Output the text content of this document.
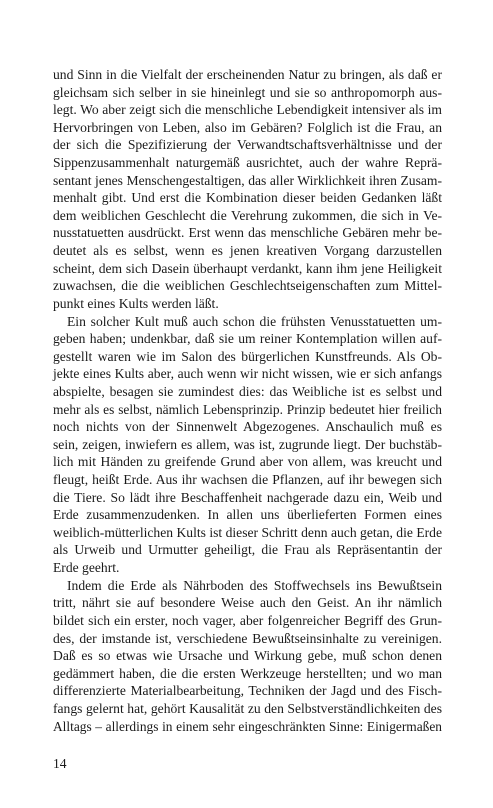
und Sinn in die Vielfalt der erscheinenden Natur zu bringen, als daß er
gleichsam sich selber in sie hineinlegt und sie so anthropomorph aus-
legt. Wo aber zeigt sich die menschliche Lebendigkeit intensiver als im
Hervorbringen von Leben, also im Gebären? Folglich ist die Frau, an
der sich die Spezifizierung der Verwandtschaftsverhältnisse und der
Sippenzusammenhalt naturgemäß ausrichtet, auch der wahre Reprä-
sentant jenes Menschengestaltigen, das aller Wirklichkeit ihren Zusam-
menhalt gibt. Und erst die Kombination dieser beiden Gedanken läßt
dem weiblichen Geschlecht die Verehrung zukommen, die sich in Ve-
nusstatuetten ausdrückt. Erst wenn das menschliche Gebären mehr be-
deutet als es selbst, wenn es jenen kreativen Vorgang darzustellen
scheint, dem sich Dasein überhaupt verdankt, kann ihm jene Heiligkeit
zuwachsen, die die weiblichen Geschlechtseigenschaften zum Mittel-
punkt eines Kults werden läßt.
Ein solcher Kult muß auch schon die frühsten Venusstatuetten um-
geben haben; undenkbar, daß sie um reiner Kontemplation willen auf-
gestellt waren wie im Salon des bürgerlichen Kunstfreunds. Als Ob-
jekte eines Kults aber, auch wenn wir nicht wissen, wie er sich anfangs
abspielte, besagen sie zumindest dies: das Weibliche ist es selbst und
mehr als es selbst, nämlich Lebensprinzip. Prinzip bedeutet hier freilich
noch nichts von der Sinnenwelt Abgezogenes. Anschaulich muß es
sein, zeigen, inwiefern es allem, was ist, zugrunde liegt. Der buchstäb-
lich mit Händen zu greifende Grund aber von allem, was kreucht und
fleugt, heißt Erde. Aus ihr wachsen die Pflanzen, auf ihr bewegen sich
die Tiere. So lädt ihre Beschaffenheit nachgerade dazu ein, Weib und
Erde zusammenzudenken. In allen uns überlieferten Formen eines
weiblich-mütterlichen Kults ist dieser Schritt denn auch getan, die Erde
als Urweib und Urmutter geheiligt, die Frau als Repräsentantin der
Erde geehrt.
Indem die Erde als Nährboden des Stoffwechsels ins Bewußtsein
tritt, nährt sie auf besondere Weise auch den Geist. An ihr nämlich
bildet sich ein erster, noch vager, aber folgenreicher Begriff des Grun-
des, der imstande ist, verschiedene Bewußtseinsinhalte zu vereinigen.
Daß es so etwas wie Ursache und Wirkung gebe, muß schon denen
gedämmert haben, die die ersten Werkzeuge herstellten; und wo man
differenzierte Materialbearbeitung, Techniken der Jagd und des Fisch-
fangs gelernt hat, gehört Kausalität zu den Selbstverständlichkeiten des
Alltags – allerdings in einem sehr eingeschränkten Sinne: Einigermaßen
14
